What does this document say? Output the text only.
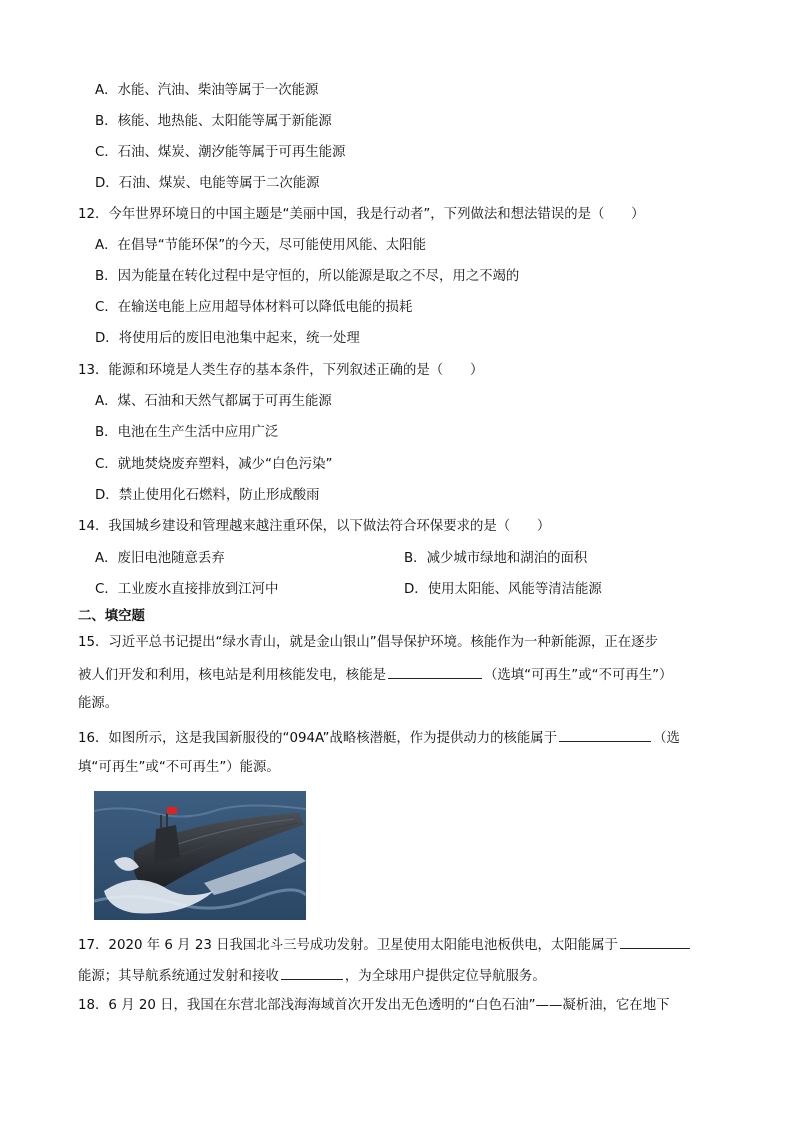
A．水能、汽油、柴油等属于一次能源
B．核能、地热能、太阳能等属于新能源
C．石油、煤炭、潮汐能等属于可再生能源
D．石油、煤炭、电能等属于二次能源
12．今年世界环境日的中国主题是“美丽中国，我是行动者”，下列做法和想法错误的是（　　）
A．在倡导“节能环保”的今天，尽可能使用风能、太阳能
B．因为能量在转化过程中是守恒的，所以能源是取之不尽，用之不竭的
C．在输送电能上应用超导体材料可以降低电能的损耗
D．将使用后的废旧电池集中起来，统一处理
13．能源和环境是人类生存的基本条件，下列叙述正确的是（　　）
A．煤、石油和天然气都属于可再生能源
B．电池在生产生活中应用广泛
C．就地焚烧废弃塑料，减少“白色污染”
D．禁止使用化石燃料，防止形成酸雨
14．我国城乡建设和管理越来越注重环保，以下做法符合环保要求的是（　　）
A．废旧电池随意丢弃	B．减少城市绿地和湖泊的面积
C．工业废水直接排放到江河中	D．使用太阳能、风能等清洁能源
二、填空题
15．习近平总书记提出“绿水青山，就是金山银山”倡导保护环境。核能作为一种新能源，正在逐步
被人们开发和利用，核电站是利用核能发电，核能是	（选填“可再生”或“不可再生”）
能源。
16．如图所示，这是我国新服役的“094A”战略核潜艇，作为提供动力的核能属于	（选
填“可再生”或“不可再生”）能源。
17．2020 年 6 月 23 日我国北斗三号成功发射。卫星使用太阳能电池板供电，太阳能属于
能源；其导航系统通过发射和接收	，为全球用户提供定位导航服务。
18．6 月 20 日，我国在东营北部浅海海域首次开发出无色透明的“白色石油”——凝析油，它在地下
